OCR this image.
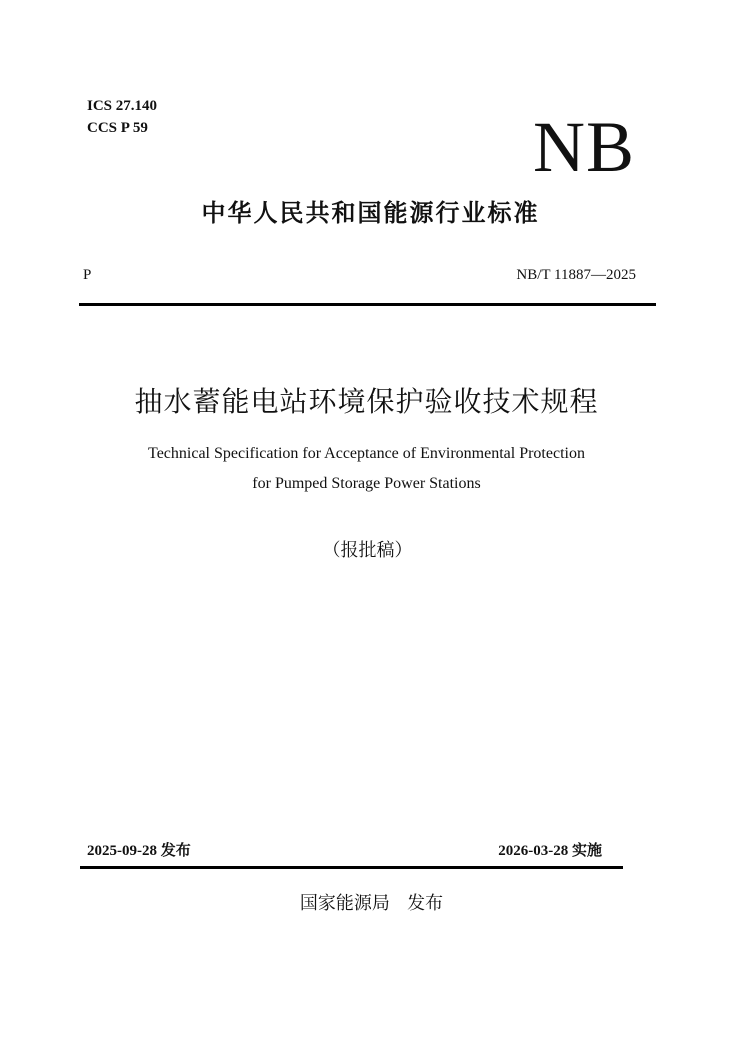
ICS 27.140
CCS P 59	NB
中华人民共和国能源行业标准
P	NB/T 11887—2025
抽水蓄能电站环境保护验收技术规程
Technical Specification for Acceptance of Environmental Protection
for Pumped Storage Power Stations
（报批稿）
2025-09-28 发布	2026-03-28 实施
国家能源局   发布
